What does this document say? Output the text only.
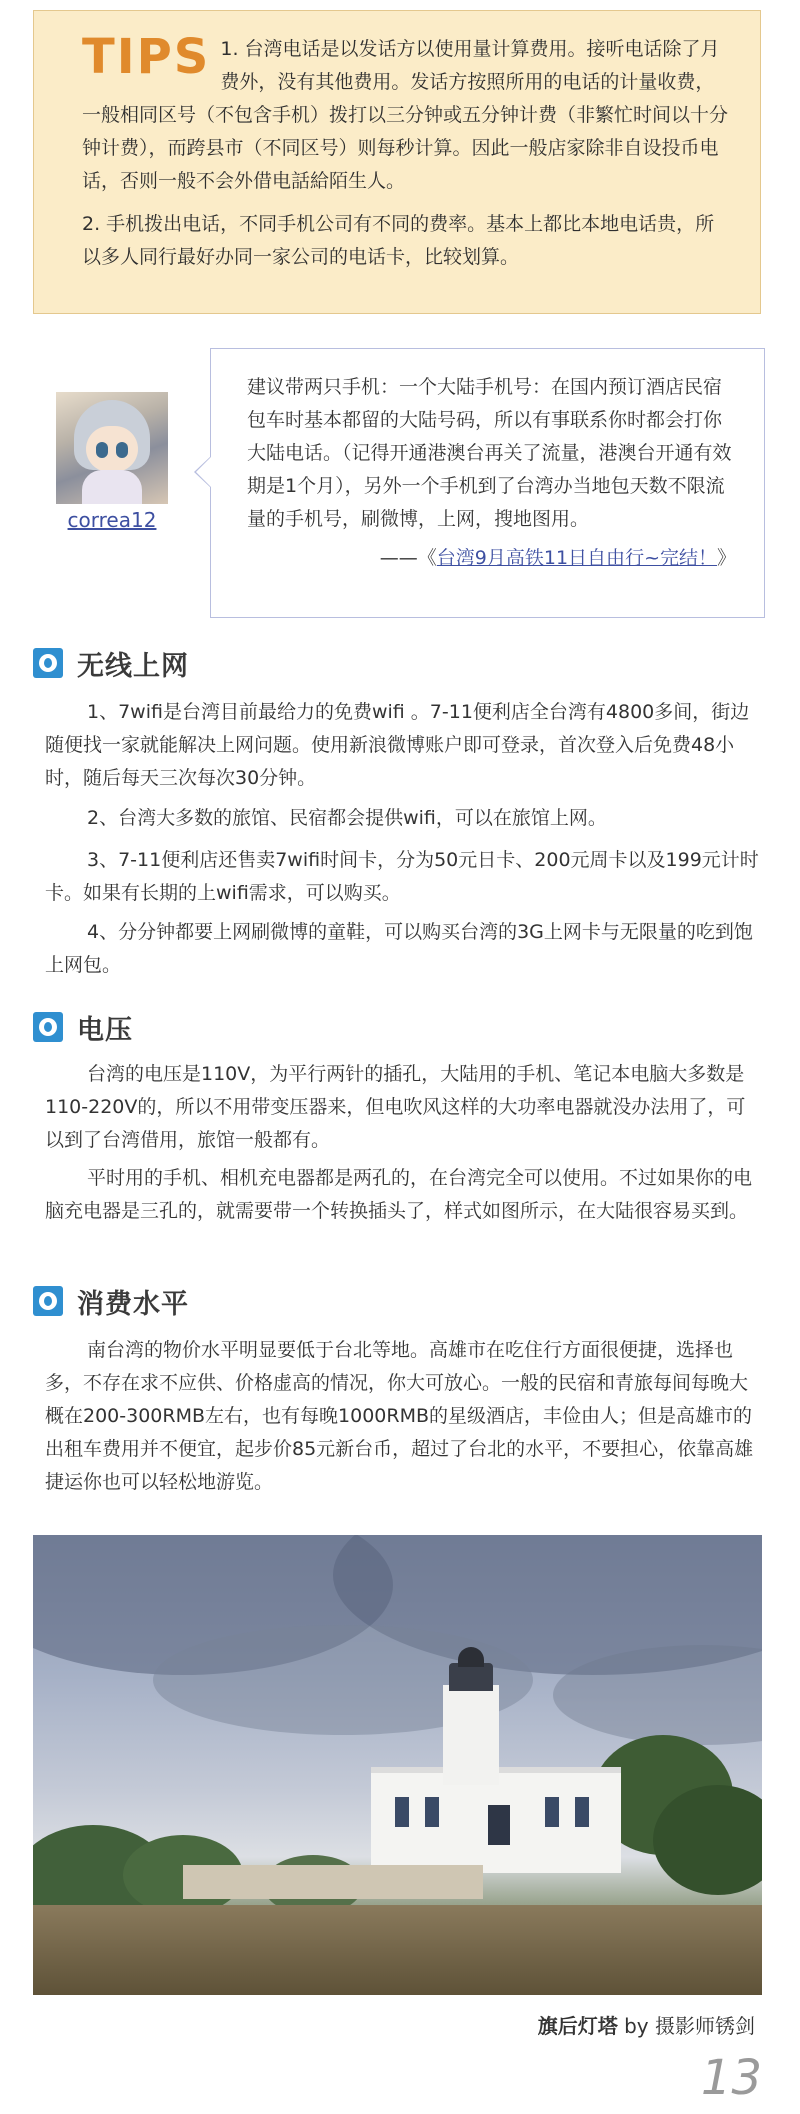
TIPS 1. 台湾电话是以发话方以使用量计算费用。接听电话除了月费外，没有其他费用。发话方按照所用的电话的计量收费，一般相同区号（不包含手机）拨打以三分钟或五分钟计费（非繁忙时间以十分钟计费），而跨县市（不同区号）则每秒计算。因此一般店家除非自设投币电话，否则一般不会外借电話給陌生人。

2. 手机拨出电话，不同手机公司有不同的费率。基本上都比本地电话贵，所以多人同行最好办同一家公司的电话卡，比较划算。

correa12

建议带两只手机：一个大陆手机号：在国内预订酒店民宿包车时基本都留的大陆号码，所以有事联系你时都会打你大陆电话。（记得开通港澳台再关了流量，港澳台开通有效期是1个月），另外一个手机到了台湾办当地包天数不限流量的手机号，刷微博，上网，搜地图用。

——《台湾9月高铁11日自由行~完结！》

无线上网

1、7wifi是台湾目前最给力的免费wifi 。7-11便利店全台湾有4800多间，街边随便找一家就能解决上网问题。使用新浪微博账户即可登录，首次登入后免费48小时，随后每天三次每次30分钟。

2、台湾大多数的旅馆、民宿都会提供wifi，可以在旅馆上网。

3、7-11便利店还售卖7wifi时间卡，分为50元日卡、200元周卡以及199元计时卡。如果有长期的上wifi需求，可以购买。

4、分分钟都要上网刷微博的童鞋，可以购买台湾的3G上网卡与无限量的吃到饱上网包。

电压

台湾的电压是110V，为平行两针的插孔，大陆用的手机、笔记本电脑大多数是110-220V的，所以不用带变压器来，但电吹风这样的大功率电器就没办法用了，可以到了台湾借用，旅馆一般都有。

平时用的手机、相机充电器都是两孔的，在台湾完全可以使用。不过如果你的电脑充电器是三孔的，就需要带一个转换插头了，样式如图所示，在大陆很容易买到。

消费水平

南台湾的物价水平明显要低于台北等地。高雄市在吃住行方面很便捷，选择也多，不存在求不应供、价格虚高的情况，你大可放心。一般的民宿和青旅每间每晚大概在200-300RMB左右，也有每晚1000RMB的星级酒店，丰俭由人；但是高雄市的出租车费用并不便宜，起步价85元新台币，超过了台北的水平，不要担心，依靠高雄捷运你也可以轻松地游览。

旗后灯塔 by 摄影师锈剑
13
